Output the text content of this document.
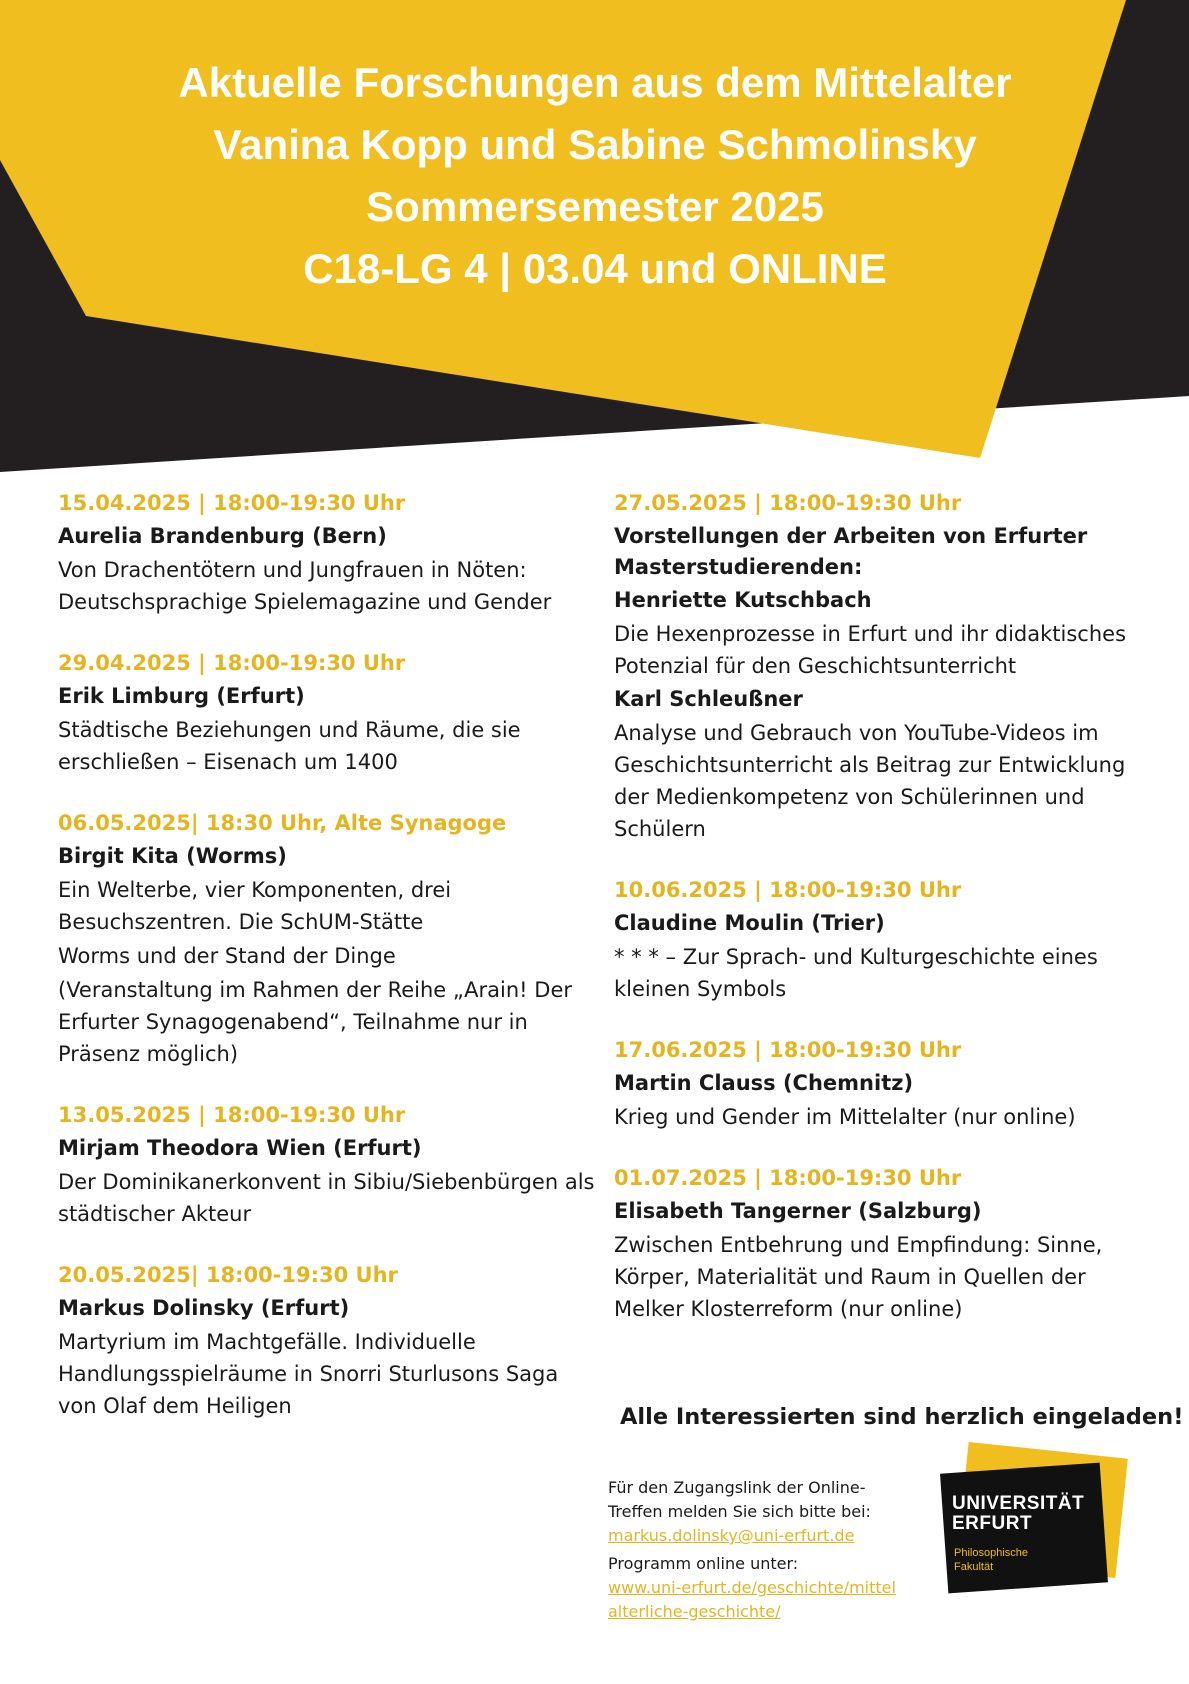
Aktuelle Forschungen aus dem Mittelalter
Vanina Kopp und Sabine Schmolinsky
Sommersemester 2025
C18-LG 4 | 03.04 und ONLINE
15.04.2025 | 18:00-19:30 Uhr
Aurelia Brandenburg (Bern)

Von Drachentötern und Jungfrauen in Nöten: Deutschsprachige Spielemagazine und Gender

29.04.2025 | 18:00-19:30 Uhr
Erik Limburg (Erfurt)

Städtische Beziehungen und Räume, die sie erschließen – Eisenach um 1400

06.05.2025| 18:30 Uhr, Alte Synagoge
Birgit Kita (Worms)

Ein Welterbe, vier Komponenten, drei Besuchszentren. Die SchUM-Stätte

Worms und der Stand der Dinge

(Veranstaltung im Rahmen der Reihe „Arain! Der Erfurter Synagogenabend“, Teilnahme nur in Präsenz möglich)

13.05.2025 | 18:00-19:30 Uhr
Mirjam Theodora Wien (Erfurt)

Der Dominikanerkonvent in Sibiu/Siebenbürgen als städtischer Akteur

20.05.2025| 18:00-19:30 Uhr
Markus Dolinsky (Erfurt)

Martyrium im Machtgefälle. Individuelle Handlungsspielräume in Snorri Sturlusons Saga von Olaf dem Heiligen

27.05.2025 | 18:00-19:30 Uhr
Vorstellungen der Arbeiten von Erfurter Masterstudierenden:
Henriette Kutschbach

Die Hexenprozesse in Erfurt und ihr didaktisches Potenzial für den Geschichtsunterricht

Karl Schleußner

Analyse und Gebrauch von YouTube-Videos im Geschichtsunterricht als Beitrag zur Entwicklung der Medienkompetenz von Schülerinnen und Schülern

10.06.2025 | 18:00-19:30 Uhr
Claudine Moulin (Trier)

* * * – Zur Sprach- und Kulturgeschichte eines kleinen Symbols

17.06.2025 | 18:00-19:30 Uhr
Martin Clauss (Chemnitz)

Krieg und Gender im Mittelalter (nur online)

01.07.2025 | 18:00-19:30 Uhr
Elisabeth Tangerner (Salzburg)

Zwischen Entbehrung und Empfindung: Sinne, Körper, Materialität und Raum in Quellen der Melker Klosterreform (nur online)

Alle Interessierten sind herzlich eingeladen!
Für den Zugangslink der Online-Treffen melden Sie sich bitte bei:
markus.dolinsky@uni-erfurt.de
Programm online unter:
www.uni-erfurt.de/geschichte/mittelalterliche-geschichte/
UNIVERSITÄT
ERFURT
Philosophische
Fakultät
